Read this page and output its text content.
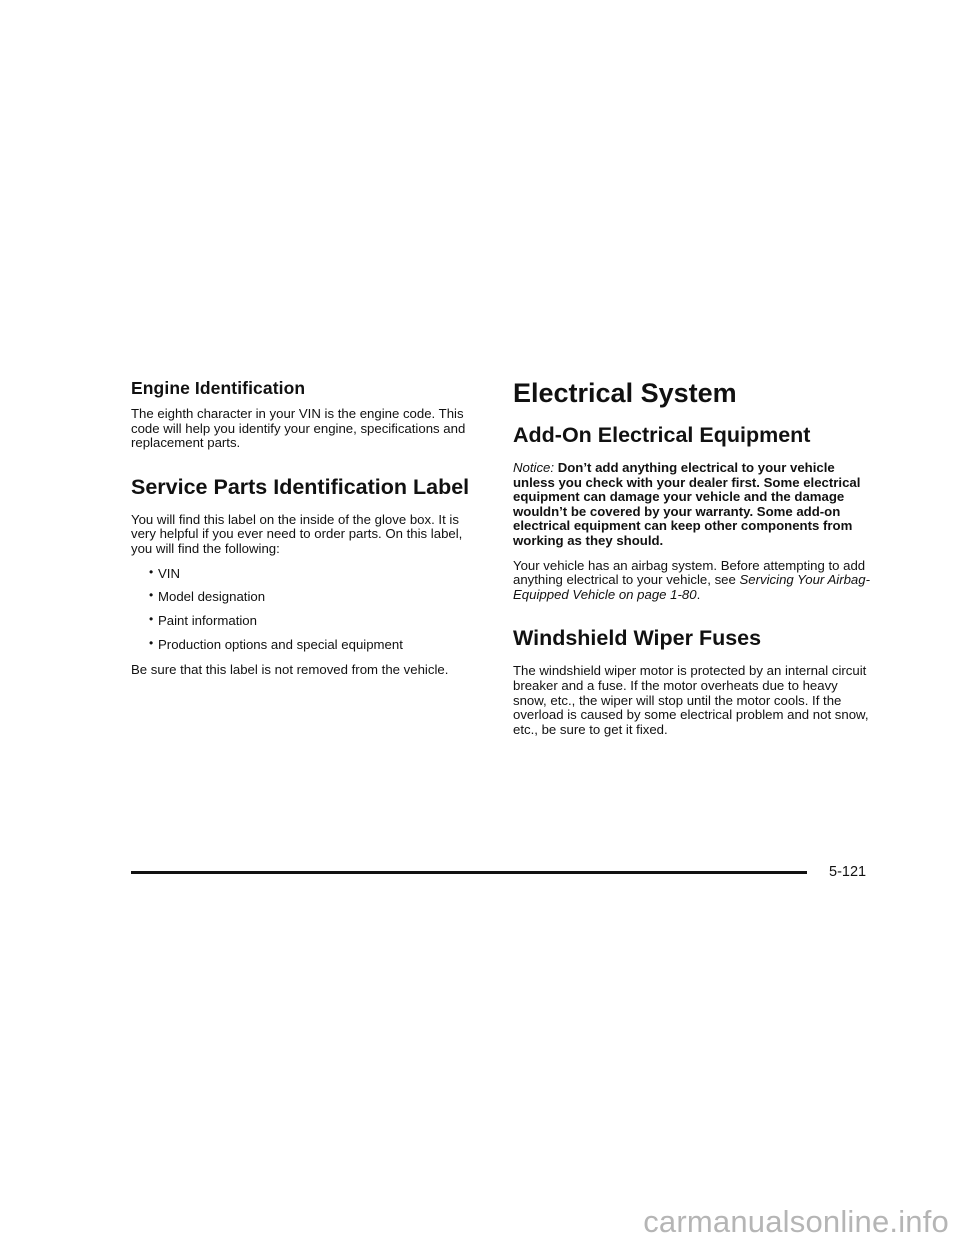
Engine Identification

The eighth character in your VIN is the engine code. This code will help you identify your engine, specifications and replacement parts.

Service Parts Identification Label

You will find this label on the inside of the glove box. It is very helpful if you ever need to order parts. On this label, you will find the following:

• VIN
• Model designation
• Paint information
• Production options and special equipment

Be sure that this label is not removed from the vehicle.

Electrical System
Add-On Electrical Equipment

Notice: Don’t add anything electrical to your vehicle unless you check with your dealer first. Some electrical equipment can damage your vehicle and the damage wouldn’t be covered by your warranty. Some add-on electrical equipment can keep other components from working as they should.

Your vehicle has an airbag system. Before attempting to add anything electrical to your vehicle, see Servicing Your Airbag-Equipped Vehicle on page 1-80.

Windshield Wiper Fuses

The windshield wiper motor is protected by an internal circuit breaker and a fuse. If the motor overheats due to heavy snow, etc., the wiper will stop until the motor cools. If the overload is caused by some electrical problem and not snow, etc., be sure to get it fixed.

5-121
carmanualsonline.info
